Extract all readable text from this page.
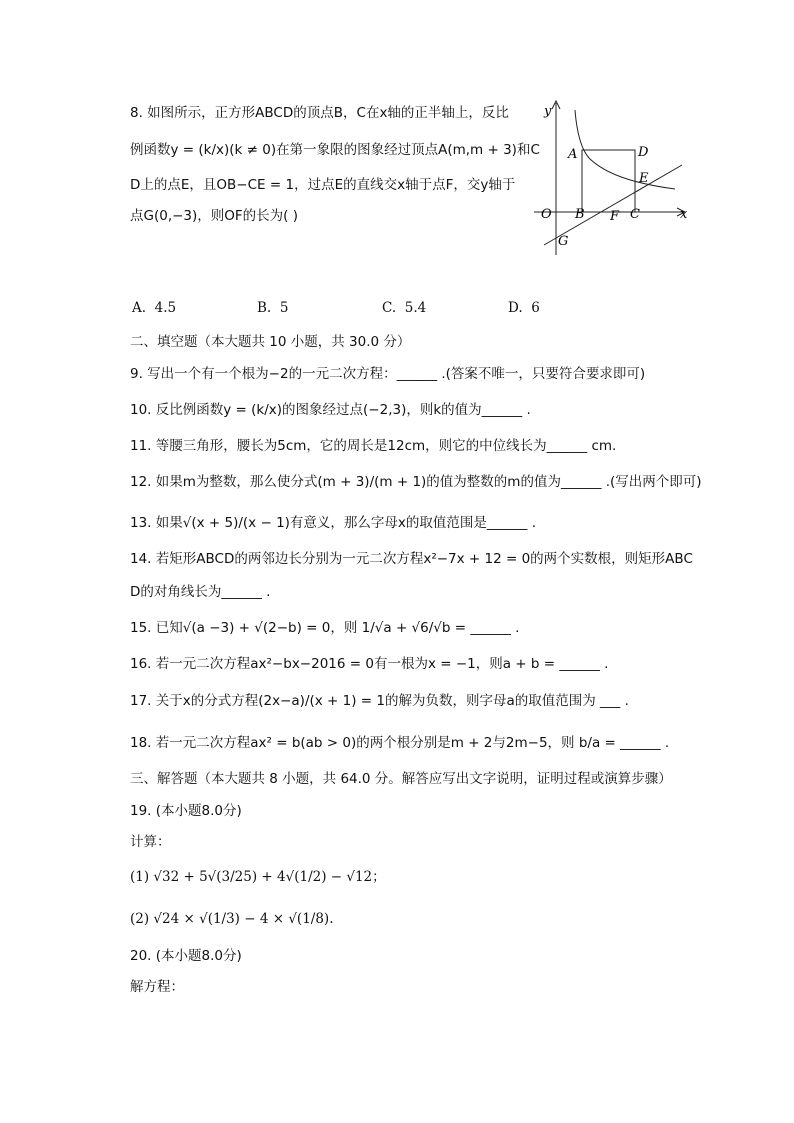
8. 如图所示，正方形ABCD的顶点B，C在x轴的正半轴上，反比
例函数y = (k/x)(k ≠ 0)在第一象限的图象经过顶点A(m,m + 3)和C
D上的点E，且OB−CE = 1，过点E的直线交x轴于点F，交y轴于
点G(0,−3)，则OF的长为( )
y
x
O
A
B	C
D
E
F
G
A. 4.5	B. 5	C. 5.4	D. 6
二、填空题（本大题共 10 小题，共 30.0 分）
9. 写出一个有一个根为−2的一元二次方程：______ .(答案不唯一，只要符合要求即可)
10. 反比例函数y = (k/x)的图象经过点(−2,3)，则k的值为______ .
11. 等腰三角形，腰长为5cm，它的周长是12cm，则它的中位线长为______ cm.
12. 如果m为整数，那么使分式(m + 3)/(m + 1)的值为整数的m的值为______ .(写出两个即可)
13. 如果√(x + 5)/(x − 1)有意义，那么字母x的取值范围是______ .
14. 若矩形ABCD的两邻边长分别为一元二次方程x²−7x + 12 = 0的两个实数根，则矩形ABC
D的对角线长为______ .
15. 已知√(a −3) + √(2−b) = 0，则 1/√a + √6/√b = ______ .
16. 若一元二次方程ax²−bx−2016 = 0有一根为x = −1，则a + b = ______ .
17. 关于x的分式方程(2x−a)/(x + 1) = 1的解为负数，则字母a的取值范围为 ___ .
18. 若一元二次方程ax² = b(ab > 0)的两个根分别是m + 2与2m−5，则 b/a = ______ .
三、解答题（本大题共 8 小题，共 64.0 分。解答应写出文字说明，证明过程或演算步骤）
19. (本小题8.0分)
计算：
(1) √32 + 5√(3/25) + 4√(1/2) − √12；
(2) √24 × √(1/3) − 4 × √(1/8).
20. (本小题8.0分)
解方程：
